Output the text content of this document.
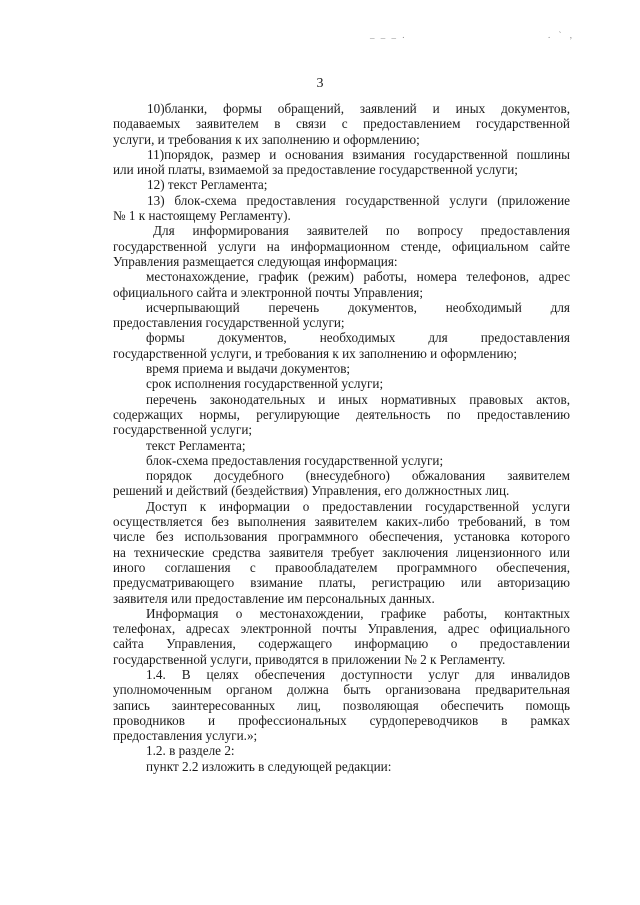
_ _ _ .	. ` ,
3
10)бланки, формы обращений, заявлений и иных документов,
подаваемых заявителем в связи с предоставлением государственной
услуги, и требования к их заполнению и оформлению;
11)порядок, размер и основания взимания государственной пошлины
или иной платы, взимаемой за предоставление государственной услуги;
12) текст Регламента;
13) блок-схема предоставления государственной услуги (приложение
№ 1 к настоящему Регламенту).
Для информирования заявителей по вопросу предоставления
государственной услуги на информационном стенде, официальном сайте
Управления размещается следующая информация:
местонахождение, график (режим) работы, номера телефонов, адрес
официального сайта и электронной почты Управления;
исчерпывающий перечень документов, необходимый для
предоставления государственной услуги;
формы документов, необходимых для предоставления
государственной услуги, и требования к их заполнению и оформлению;
время приема и выдачи документов;
срок исполнения государственной услуги;
перечень законодательных и иных нормативных правовых актов,
содержащих нормы, регулирующие деятельность по предоставлению
государственной услуги;
текст Регламента;
блок-схема предоставления государственной услуги;
порядок досудебного (внесудебного) обжалования заявителем
решений и действий (бездействия) Управления, его должностных лиц.
Доступ к информации о предоставлении государственной услуги
осуществляется без выполнения заявителем каких-либо требований, в том
числе без использования программного обеспечения, установка которого
на технические средства заявителя требует заключения лицензионного или
иного соглашения с правообладателем программного обеспечения,
предусматривающего взимание платы, регистрацию или авторизацию
заявителя или предоставление им персональных данных.
Информация о местонахождении, графике работы, контактных
телефонах, адресах электронной почты Управления, адрес официального
сайта Управления, содержащего информацию о предоставлении
государственной услуги, приводятся в приложении № 2 к Регламенту.
1.4. В целях обеспечения доступности услуг для инвалидов
уполномоченным органом должна быть организована предварительная
запись заинтересованных лиц, позволяющая обеспечить помощь
проводников и профессиональных сурдопереводчиков в рамках
предоставления услуги.»;
1.2. в разделе 2:
пункт 2.2 изложить в следующей редакции:
